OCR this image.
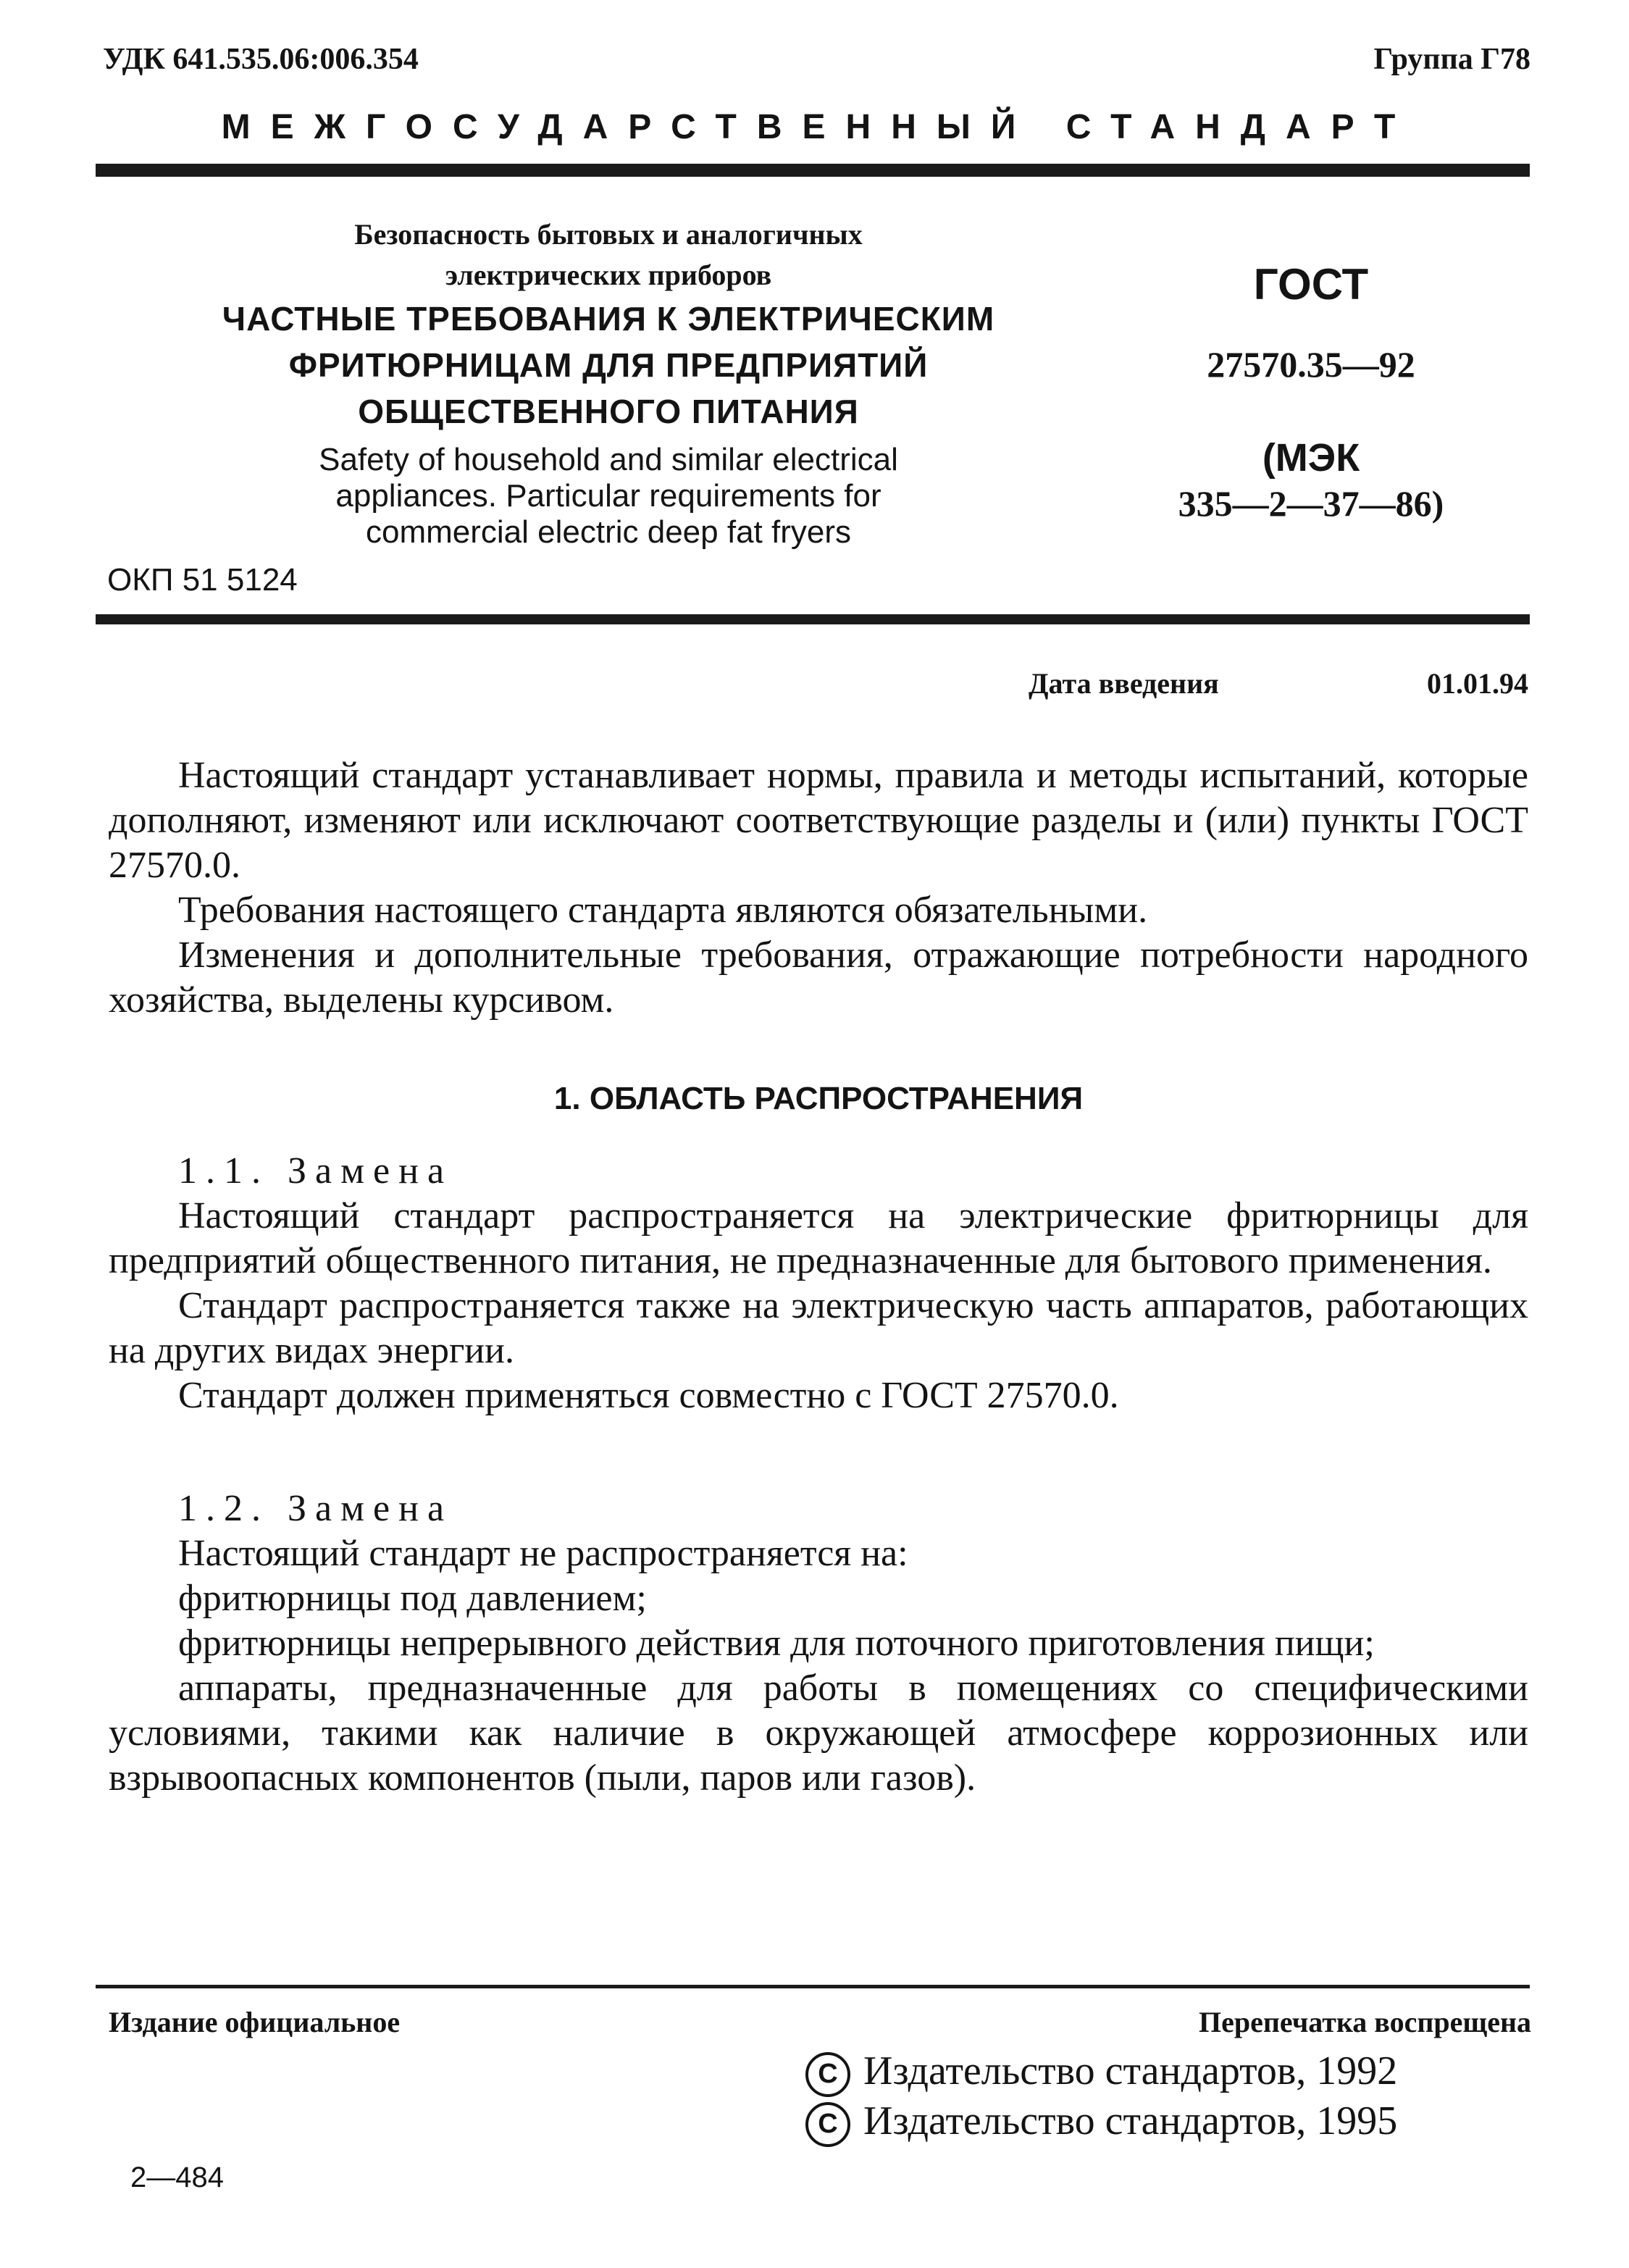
УДК 641.535.06:006.354	Группа Г78
МЕЖГОСУДАРСТВЕННЫЙ СТАНДАРТ
Безопасность бытовых и аналогичных
электрических приборов
ЧАСТНЫЕ ТРЕБОВАНИЯ К ЭЛЕКТРИЧЕСКИМ
ФРИТЮРНИЦАМ ДЛЯ ПРЕДПРИЯТИЙ
ОБЩЕСТВЕННОГО ПИТАНИЯ
Safety of household and similar electrical
appliances. Particular requirements for
commercial electric deep fat fryers
ОКП 51 5124
ГОСТ
27570.35—92
(МЭК
335—2—37—86)
Дата введения	01.01.94

Настоящий стандарт устанавливает нормы, правила и методы испытаний, которые дополняют, изменяют или исключают соответствующие разделы и (или) пункты ГОСТ 27570.0.

Требования настоящего стандарта являются обязательными.

Изменения и дополнительные требования, отражающие потребности народного хозяйства, выделены курсивом.

1. ОБЛАСТЬ РАСПРОСТРАНЕНИЯ

1.1. Замена

Настоящий стандарт распространяется на электрические фритюрницы для предприятий общественного питания, не предназначенные для бытового применения.

Стандарт распространяется также на электрическую часть аппаратов, работающих на других видах энергии.

Стандарт должен применяться совместно с ГОСТ 27570.0.

1.2. Замена

Настоящий стандарт не распространяется на:

фритюрницы под давлением;

фритюрницы непрерывного действия для поточного приготовления пищи;

аппараты, предназначенные для работы в помещениях со специфическими условиями, такими как наличие в окружающей атмосфере коррозионных или взрывоопасных компонентов (пыли, паров или газов).

Издание официальное	Перепечатка воспрещена
С Издательство стандартов, 1992
С Издательство стандартов, 1995
2—484
